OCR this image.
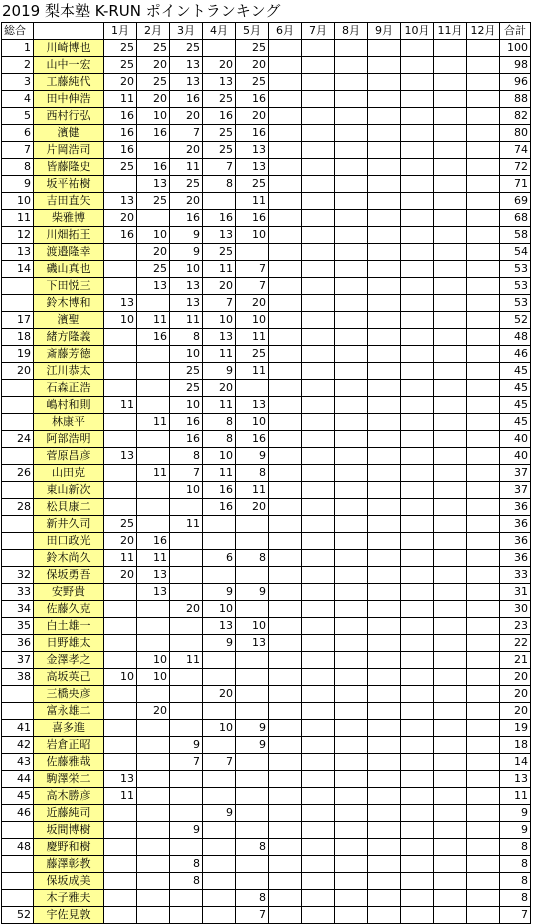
2019 梨本塾 K-RUN ポイントランキング
総合		1月	2月	3月	4月	5月	6月	7月	8月	9月	10月	11月	12月	合計
1	川崎博也	25	25	25		25								100
2	山中一宏	25	20	13	20	20								98
3	工藤純代	20	25	13	13	25								96
4	田中伸浩	11	20	16	25	16								88
5	西村行弘	16	10	20	16	20								82
6	濱健	16	16	7	25	16								80
7	片岡浩司	16		20	25	13								74
8	皆藤隆史	25	16	11	7	13								72
9	坂平祐樹		13	25	8	25								71
10	吉田直矢	13	25	20		11								69
11	柴雅博	20		16	16	16								68
12	川畑拓王	16	10	9	13	10								58
13	渡邉隆幸		20	9	25									54
14	磯山真也		25	10	11	7								53
	下田悦三		13	13	20	7								53
	鈴木博和	13		13	7	20								53
17	濱聖	10	11	11	10	10								52
18	緒方隆義		16	8	13	11								48
19	斎藤芳徳			10	11	25								46
20	江川恭太			25	9	11								45
	石森正浩			25	20									45
	嶋村和則	11		10	11	13								45
	林康平		11	16	8	10								45
24	阿部浩明			16	8	16								40
	菅原昌彦	13		8	10	9								40
26	山田克		11	7	11	8								37
	東山新次			10	16	11								37
28	松貝康二				16	20								36
	新井久司	25		11										36
	田口政光	20	16											36
	鈴木尚久	11	11		6	8								36
32	保坂勇吾	20	13											33
33	安野貴		13		9	9								31
34	佐藤久克			20	10									30
35	白土雄一				13	10								23
36	日野雄太				9	13								22
37	金澤孝之		10	11										21
38	高坂英己	10	10											20
	三橋央彦				20									20
	富永雄二		20											20
41	喜多進				10	9								19
42	岩倉正昭			9		9								18
43	佐藤雅哉			7	7									14
44	駒澤栄二	13												13
45	高木勝彦	11												11
46	近藤純司				9									9
	坂間博樹			9										9
48	慶野和樹					8								8
	藤澤彰教			8										8
	保坂成美			8										8
	木子雅夫					8								8
52	宇佐見敦					7								7
